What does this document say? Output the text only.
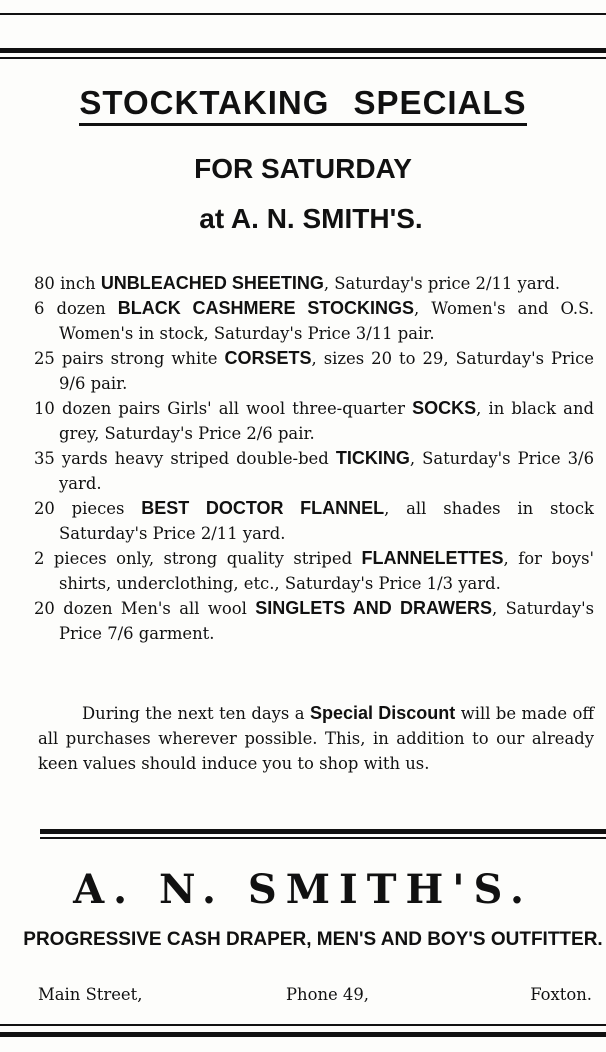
STOCKTAKING SPECIALS
FOR SATURDAY
at A. N. SMITH'S.
80 inch UNBLEACHED SHEETING, Saturday's price 2/11 yard.
6 dozen BLACK CASHMERE STOCKINGS, Women's and O.S. Women's in stock, Saturday's Price 3/11 pair.
25 pairs strong white CORSETS, sizes 20 to 29, Saturday's Price 9/6 pair.
10 dozen pairs Girls' all wool three-quarter SOCKS, in black and grey, Saturday's Price 2/6 pair.
35 yards heavy striped double-bed TICKING, Saturday's Price 3/6 yard.
20 pieces BEST DOCTOR FLANNEL, all shades in stock Saturday's Price 2/11 yard.
2 pieces only, strong quality striped FLANNELETTES, for boys' shirts, underclothing, etc., Saturday's Price 1/3 yard.
20 dozen Men's all wool SINGLETS AND DRAWERS, Saturday's Price 7/6 garment.
During the next ten days a Special Discount will be made off all purchases wherever possible. This, in addition to our already keen values should induce you to shop with us.
A. N. SMITH'S.
PROGRESSIVE CASH DRAPER, MEN'S AND BOY'S OUTFITTER.
Main Street,	Phone 49,	Foxton.
